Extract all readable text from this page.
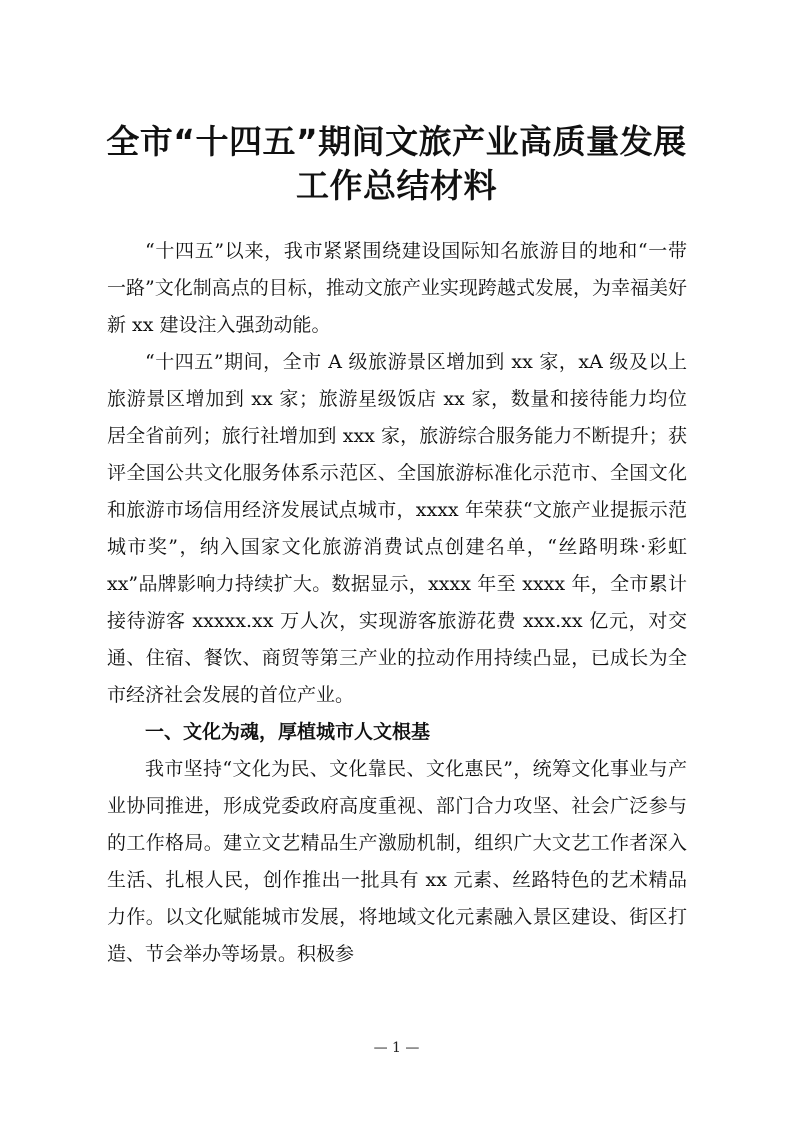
全市“十四五”期间文旅产业高质量发展
工作总结材料

“十四五”以来，我市紧紧围绕建设国际知名旅游目的地和“一带一路”文化制高点的目标，推动文旅产业实现跨越式发展，为幸福美好新 xx 建设注入强劲动能。

“十四五”期间，全市 A 级旅游景区增加到 xx 家，xA 级及以上旅游景区增加到 xx 家；旅游星级饭店 xx 家，数量和接待能力均位居全省前列；旅行社增加到 xxx 家，旅游综合服务能力不断提升；获评全国公共文化服务体系示范区、全国旅游标准化示范市、全国文化和旅游市场信用经济发展试点城市，xxxx 年荣获“文旅产业提振示范城市奖”，纳入国家文化旅游消费试点创建名单，“丝路明珠·彩虹 xx”品牌影响力持续扩大。数据显示，xxxx 年至 xxxx 年，全市累计接待游客 xxxxx.xx 万人次，实现游客旅游花费 xxx.xx 亿元，对交通、住宿、餐饮、商贸等第三产业的拉动作用持续凸显，已成长为全市经济社会发展的首位产业。

一、文化为魂，厚植城市人文根基

我市坚持“文化为民、文化靠民、文化惠民”，统筹文化事业与产业协同推进，形成党委政府高度重视、部门合力攻坚、社会广泛参与的工作格局。建立文艺精品生产激励机制，组织广大文艺工作者深入生活、扎根人民，创作推出一批具有 xx 元素、丝路特色的艺术精品力作。以文化赋能城市发展，将地域文化元素融入景区建设、街区打造、节会举办等场景。积极参

— 1 —
